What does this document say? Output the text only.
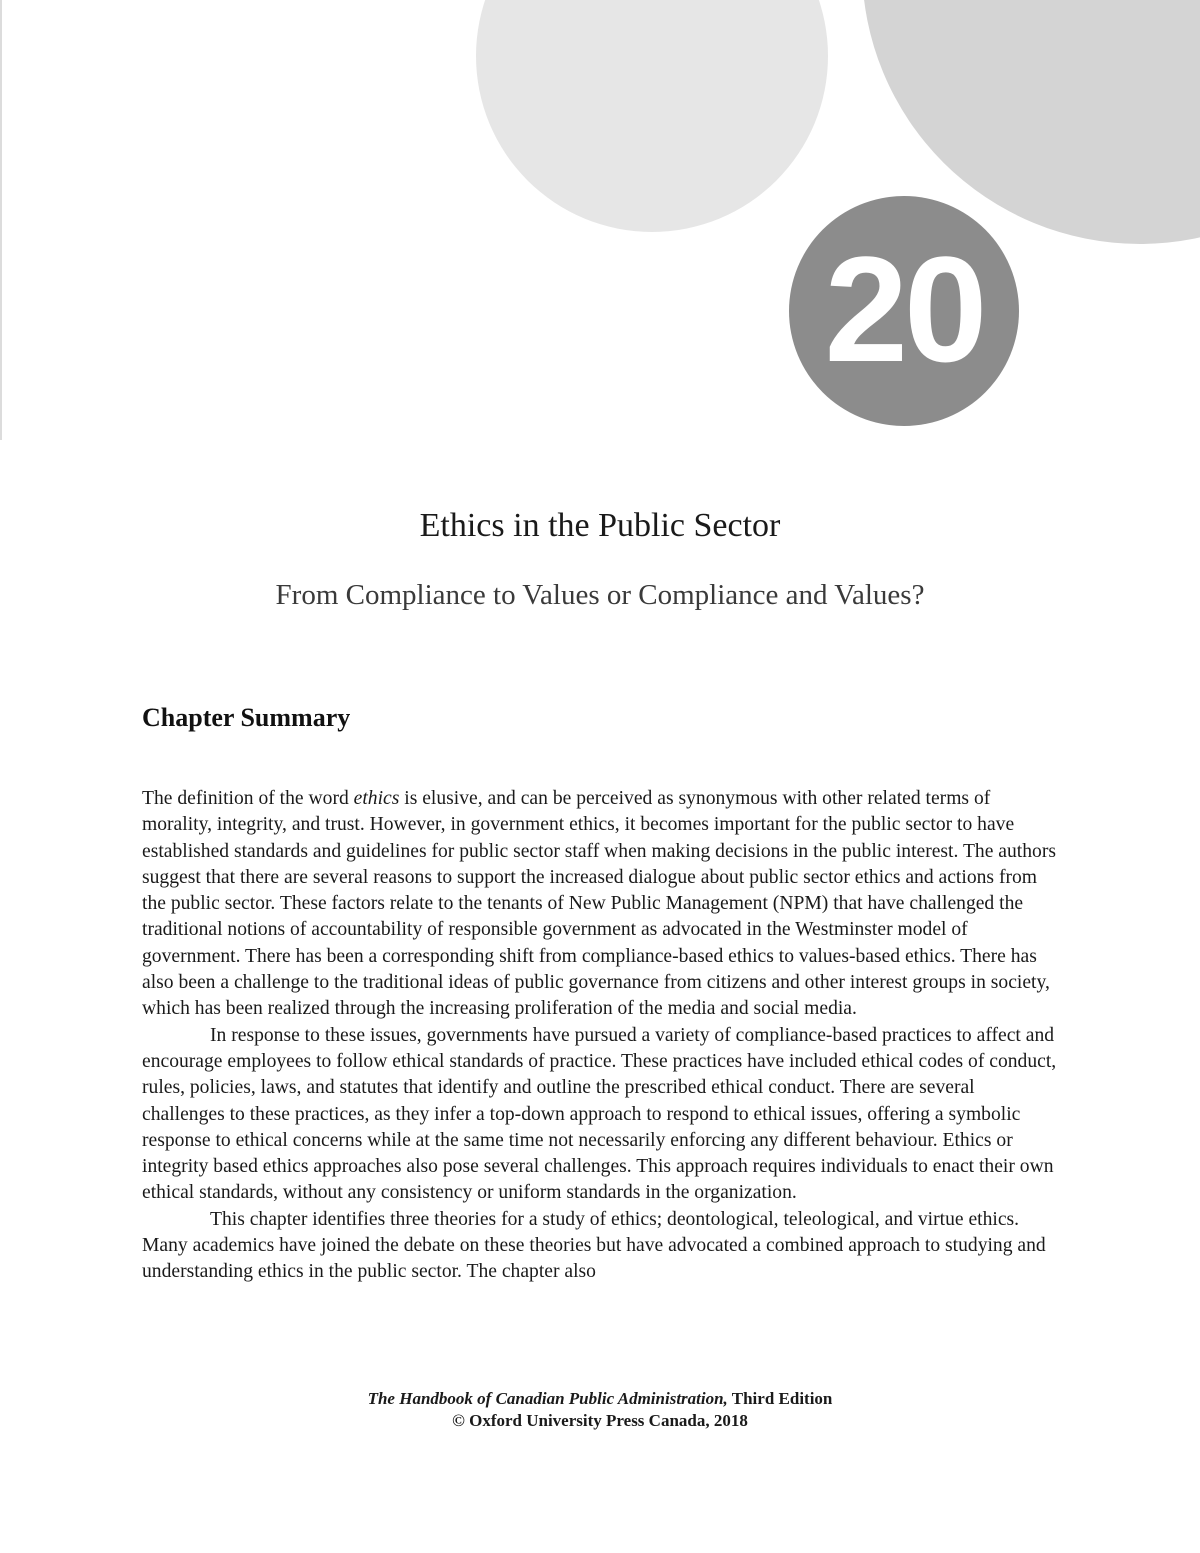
20
Ethics in the Public Sector
From Compliance to Values or Compliance and Values?
Chapter Summary

The definition of the word ethics is elusive, and can be perceived as synonymous with other related terms of morality, integrity, and trust. However, in government ethics, it becomes important for the public sector to have established standards and guidelines for public sector staff when making decisions in the public interest. The authors suggest that there are several reasons to support the increased dialogue about public sector ethics and actions from the public sector. These factors relate to the tenants of New Public Management (NPM) that have challenged the traditional notions of accountability of responsible government as advocated in the Westminster model of government. There has been a corresponding shift from compliance-based ethics to values-based ethics. There has also been a challenge to the traditional ideas of public governance from citizens and other interest groups in society, which has been realized through the increasing proliferation of the media and social media.

In response to these issues, governments have pursued a variety of compliance-based practices to affect and encourage employees to follow ethical standards of practice. These practices have included ethical codes of conduct, rules, policies, laws, and statutes that identify and outline the prescribed ethical conduct. There are several challenges to these practices, as they infer a top-down approach to respond to ethical issues, offering a symbolic response to ethical concerns while at the same time not necessarily enforcing any different behaviour. Ethics or integrity based ethics approaches also pose several challenges. This approach requires individuals to enact their own ethical standards, without any consistency or uniform standards in the organization.

This chapter identifies three theories for a study of ethics; deontological, teleological, and virtue ethics. Many academics have joined the debate on these theories but have advocated a combined approach to studying and understanding ethics in the public sector. The chapter also

The Handbook of Canadian Public Administration, Third Edition
© Oxford University Press Canada, 2018
